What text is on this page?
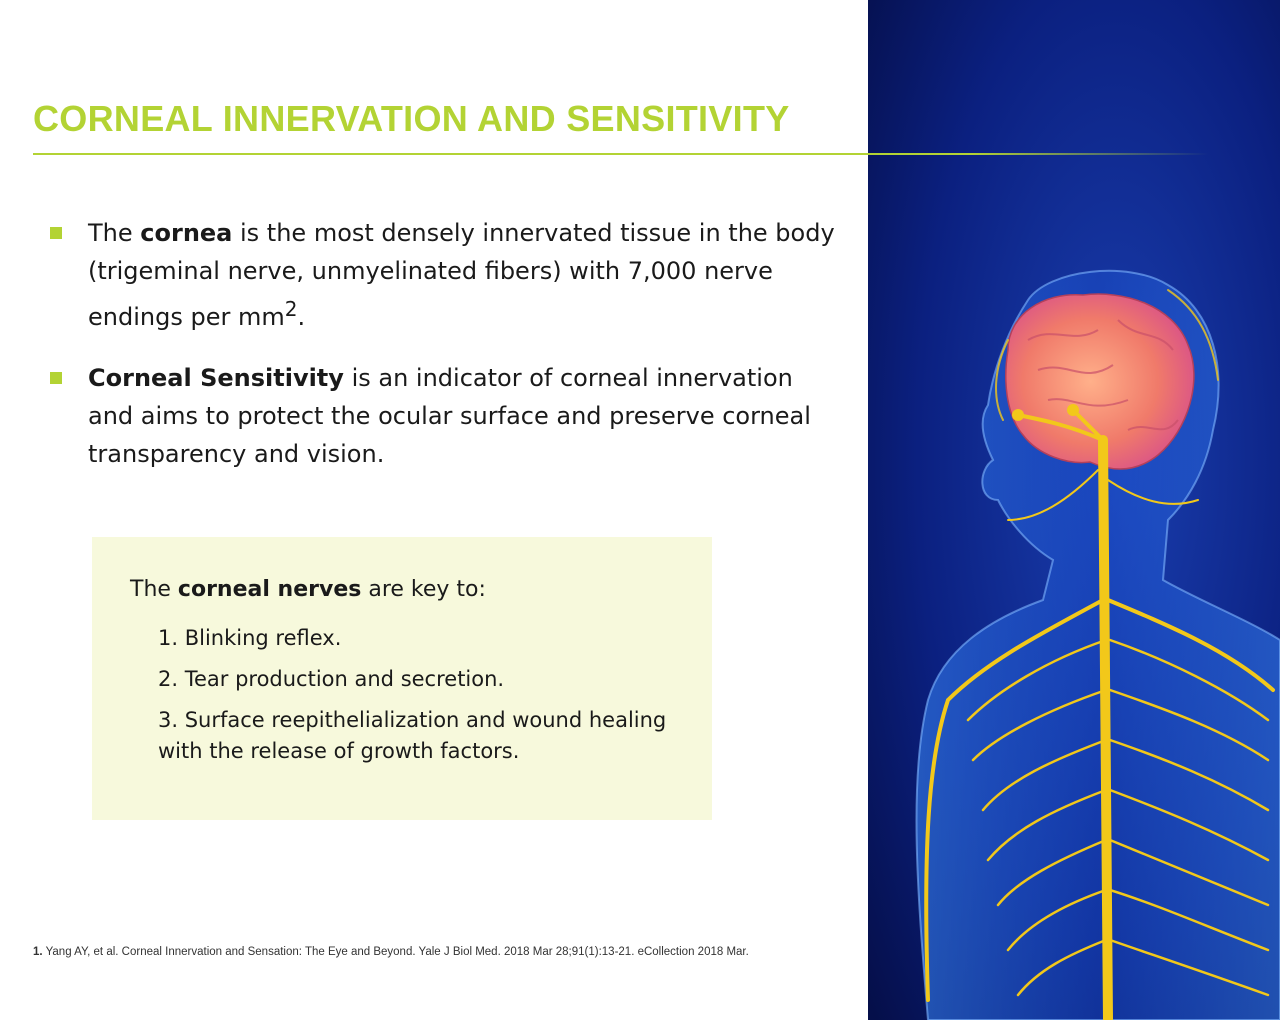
CORNEAL INNERVATION AND SENSITIVITY
The cornea is the most densely innervated tissue in the body (trigeminal nerve, unmyelinated fibers) with 7,000 nerve endings per $mm^2$.
Corneal Sensitivity is an indicator of corneal innervation and aims to protect the ocular surface and preserve corneal transparency and vision.
The corneal nerves are key to:
1. Blinking reflex.
2. Tear production and secretion.
3. Surface reepithelialization and wound healing with the release of growth factors.
1. Yang AY, et al. Corneal Innervation and Sensation: The Eye and Beyond. Yale J Biol Med. 2018 Mar 28;91(1):13-21. eCollection 2018 Mar.
